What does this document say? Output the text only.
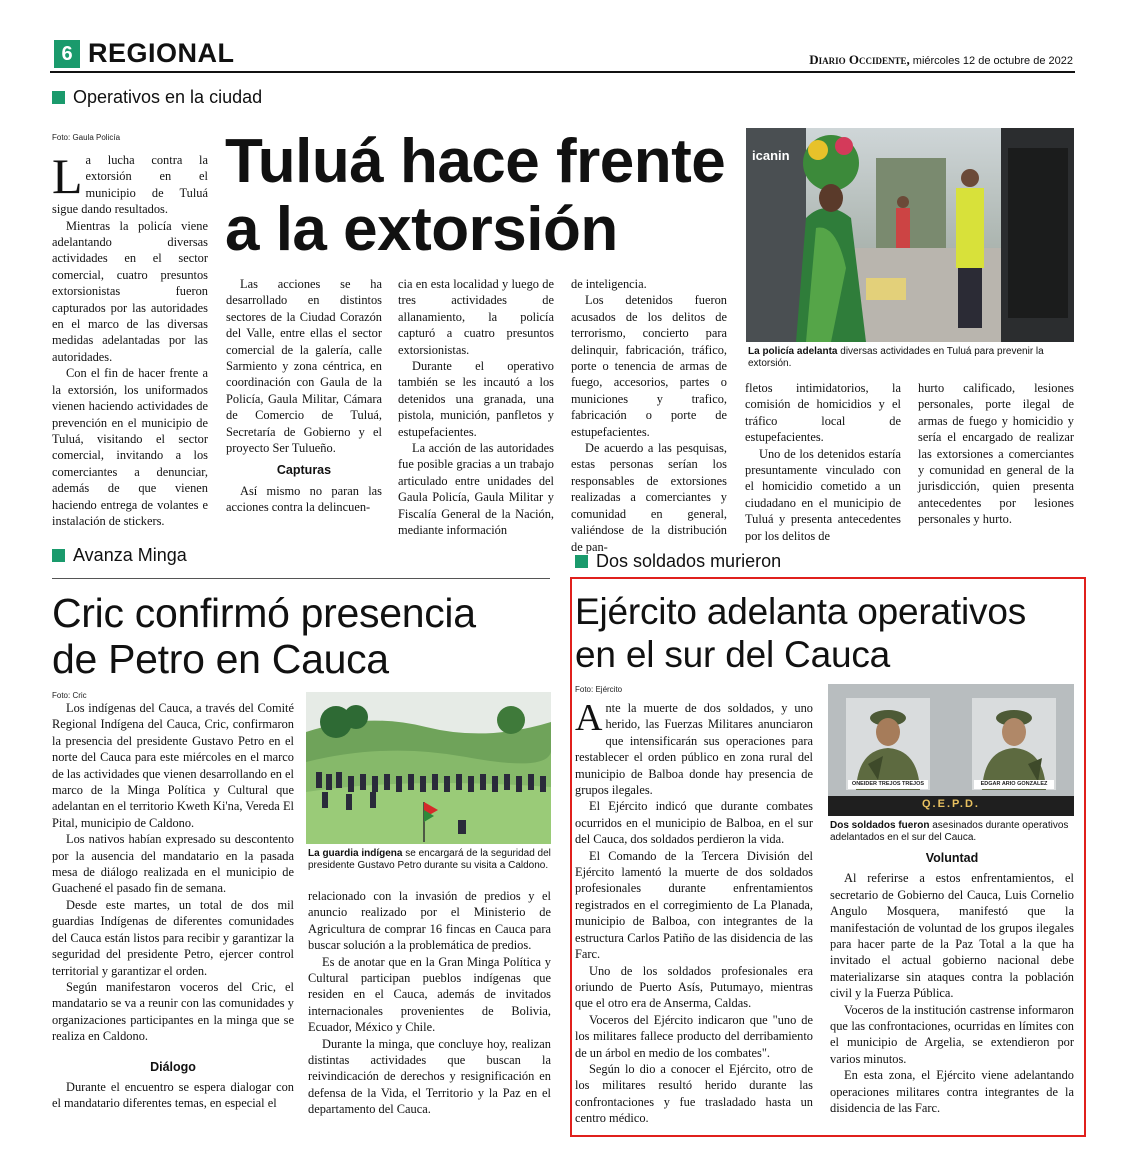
6 REGIONAL	Diario Occidente, miércoles 12 de octubre de 2022
Operativos en la ciudad
Foto: Gaula Policía Tuluá hace frente
a la extorsión

La lucha contra la extorsión en el municipio de Tuluá sigue dando resultados.

Mientras la policía viene adelantando diversas actividades en el sector comercial, cuatro presuntos extorsionistas fueron capturados por las autoridades en el marco de las diversas medidas adelantadas por las autoridades.

Con el fin de hacer frente a la extorsión, los uniformados vienen haciendo actividades de prevención en el municipio de Tuluá, visitando el sector comercial, invitando a los comerciantes a denunciar, además de que vienen haciendo entrega de volantes e instalación de stickers.

Las acciones se ha desarrollado en distintos sectores de la Ciudad Corazón del Valle, entre ellas el sector comercial de la galería, calle Sarmiento y zona céntrica, en coordinación con Gaula de la Policía, Gaula Militar, Cámara de Comercio de Tuluá, Secretaría de Gobierno y el proyecto Ser Tulueño.

Capturas

Así mismo no paran las acciones contra la delincuen-

cia en esta localidad y luego de tres actividades de allanamiento, la policía capturó a cuatro presuntos extorsionistas.

Durante el operativo también se les incautó a los detenidos una granada, una pistola, munición, panfletos y estupefacientes.

La acción de las autoridades fue posible gracias a un trabajo articulado entre unidades del Gaula Policía, Gaula Militar y Fiscalía General de la Nación, mediante información

de inteligencia.

Los detenidos fueron acusados de los delitos de terrorismo, concierto para delinquir, fabricación, tráfico, porte o tenencia de armas de fuego, accesorios, partes o municiones y trafico, fabricación o porte de estupefacientes.

De acuerdo a las pesquisas, estas personas serían los responsables de extorsiones realizadas a comerciantes y comunidad en general, valiéndose de la distribución de pan-

icanin
La policía adelanta diversas actividades en Tuluá para prevenir la extorsión.

fletos intimidatorios, la comisión de homicidios y el tráfico local de estupefacientes.

Uno de los detenidos estaría presuntamente vinculado con el homicidio cometido a un ciudadano en el municipio de Tuluá y presenta antecedentes por los delitos de

hurto calificado, lesiones personales, porte ilegal de armas de fuego y homicidio y sería el encargado de realizar las extorsiones a comerciantes y comunidad en general de la jurisdicción, quien presenta antecedentes por lesiones personales y hurto.

Avanza Minga
Cric confirmó presencia
de Petro en Cauca
Foto: Cric

Los indígenas del Cauca, a través del Comité Regional Indígena del Cauca, Cric, confirmaron la presencia del presidente Gustavo Petro en el norte del Cauca para este miércoles en el marco de las actividades que vienen desarrollando en el marco de la Minga Política y Cultural que adelantan en el territorio Kweth Ki'na, Vereda El Pital, municipio de Caldono.

Los nativos habían expresado su descontento por la ausencia del mandatario en la pasada mesa de diálogo realizada en el municipio de Guachené el pasado fin de semana.

Desde este martes, un total de dos mil guardias Indígenas de diferentes comunidades del Cauca están listos para recibir y garantizar la seguridad del presidente Petro, ejercer control territorial y garantizar el orden.

Según manifestaron voceros del Cric, el mandatario se va a reunir con las comunidades y organizaciones participantes en la minga que se realiza en Caldono.

Diálogo

Durante el encuentro se espera dialogar con el mandatario diferentes temas, en especial el

La guardia indígena se encargará de la seguridad del presidente Gustavo Petro durante su visita a Caldono.

relacionado con la invasión de predios y el anuncio realizado por el Ministerio de Agricultura de comprar 16 fincas en Cauca para buscar solución a la problemática de predios.

Es de anotar que en la Gran Minga Política y Cultural participan pueblos indígenas que residen en el Cauca, además de invitados internacionales provenientes de Bolivia, Ecuador, México y Chile.

Durante la minga, que concluye hoy, realizan distintas actividades que buscan la reivindicación de derechos y resignificación en defensa de la Vida, el Territorio y la Paz en el departamento del Cauca.

Dos soldados murieron
Ejército adelanta operativos
en el sur del Cauca
Foto: Ejército

Ante la muerte de dos soldados, y uno herido, las Fuerzas Militares anunciaron que intensificarán sus operaciones para restablecer el orden público en zona rural del municipio de Balboa donde hay presencia de grupos ilegales.

El Ejército indicó que durante combates ocurridos en el municipio de Balboa, en el sur del Cauca, dos soldados perdieron la vida.

El Comando de la Tercera División del Ejército lamentó la muerte de dos soldados profesionales durante enfrentamientos registrados en el corregimiento de La Planada, municipio de Balboa, con integrantes de la estructura Carlos Patiño de las disidencia de las Farc.

Uno de los soldados profesionales era oriundo de Puerto Asís, Putumayo, mientras que el otro era de Anserma, Caldas.

Voceros del Ejército indicaron que "uno de los militares fallece producto del derribamiento de un árbol en medio de los combates".

Según lo dio a conocer el Ejército, otro de los militares resultó herido durante las confrontaciones y fue trasladado hasta un centro médico.

ONEIDER TREJOS TREJOS	EDGAR ARIO GONZALEZ
Q.E.P.D.
Dos soldados fueron asesinados durante operativos adelantados en el sur del Cauca.
Voluntad

Al referirse a estos enfrentamientos, el secretario de Gobierno del Cauca, Luis Cornelio Angulo Mosquera, manifestó que la manifestación de voluntad de los grupos ilegales para hacer parte de la Paz Total a la que ha invitado el actual gobierno nacional debe materializarse sin ataques contra la población civil y la Fuerza Pública.

Voceros de la institución castrense informaron que las confrontaciones, ocurridas en límites con el municipio de Argelia, se extendieron por varios minutos.

En esta zona, el Ejército viene adelantando operaciones militares contra integrantes de la disidencia de las Farc.
